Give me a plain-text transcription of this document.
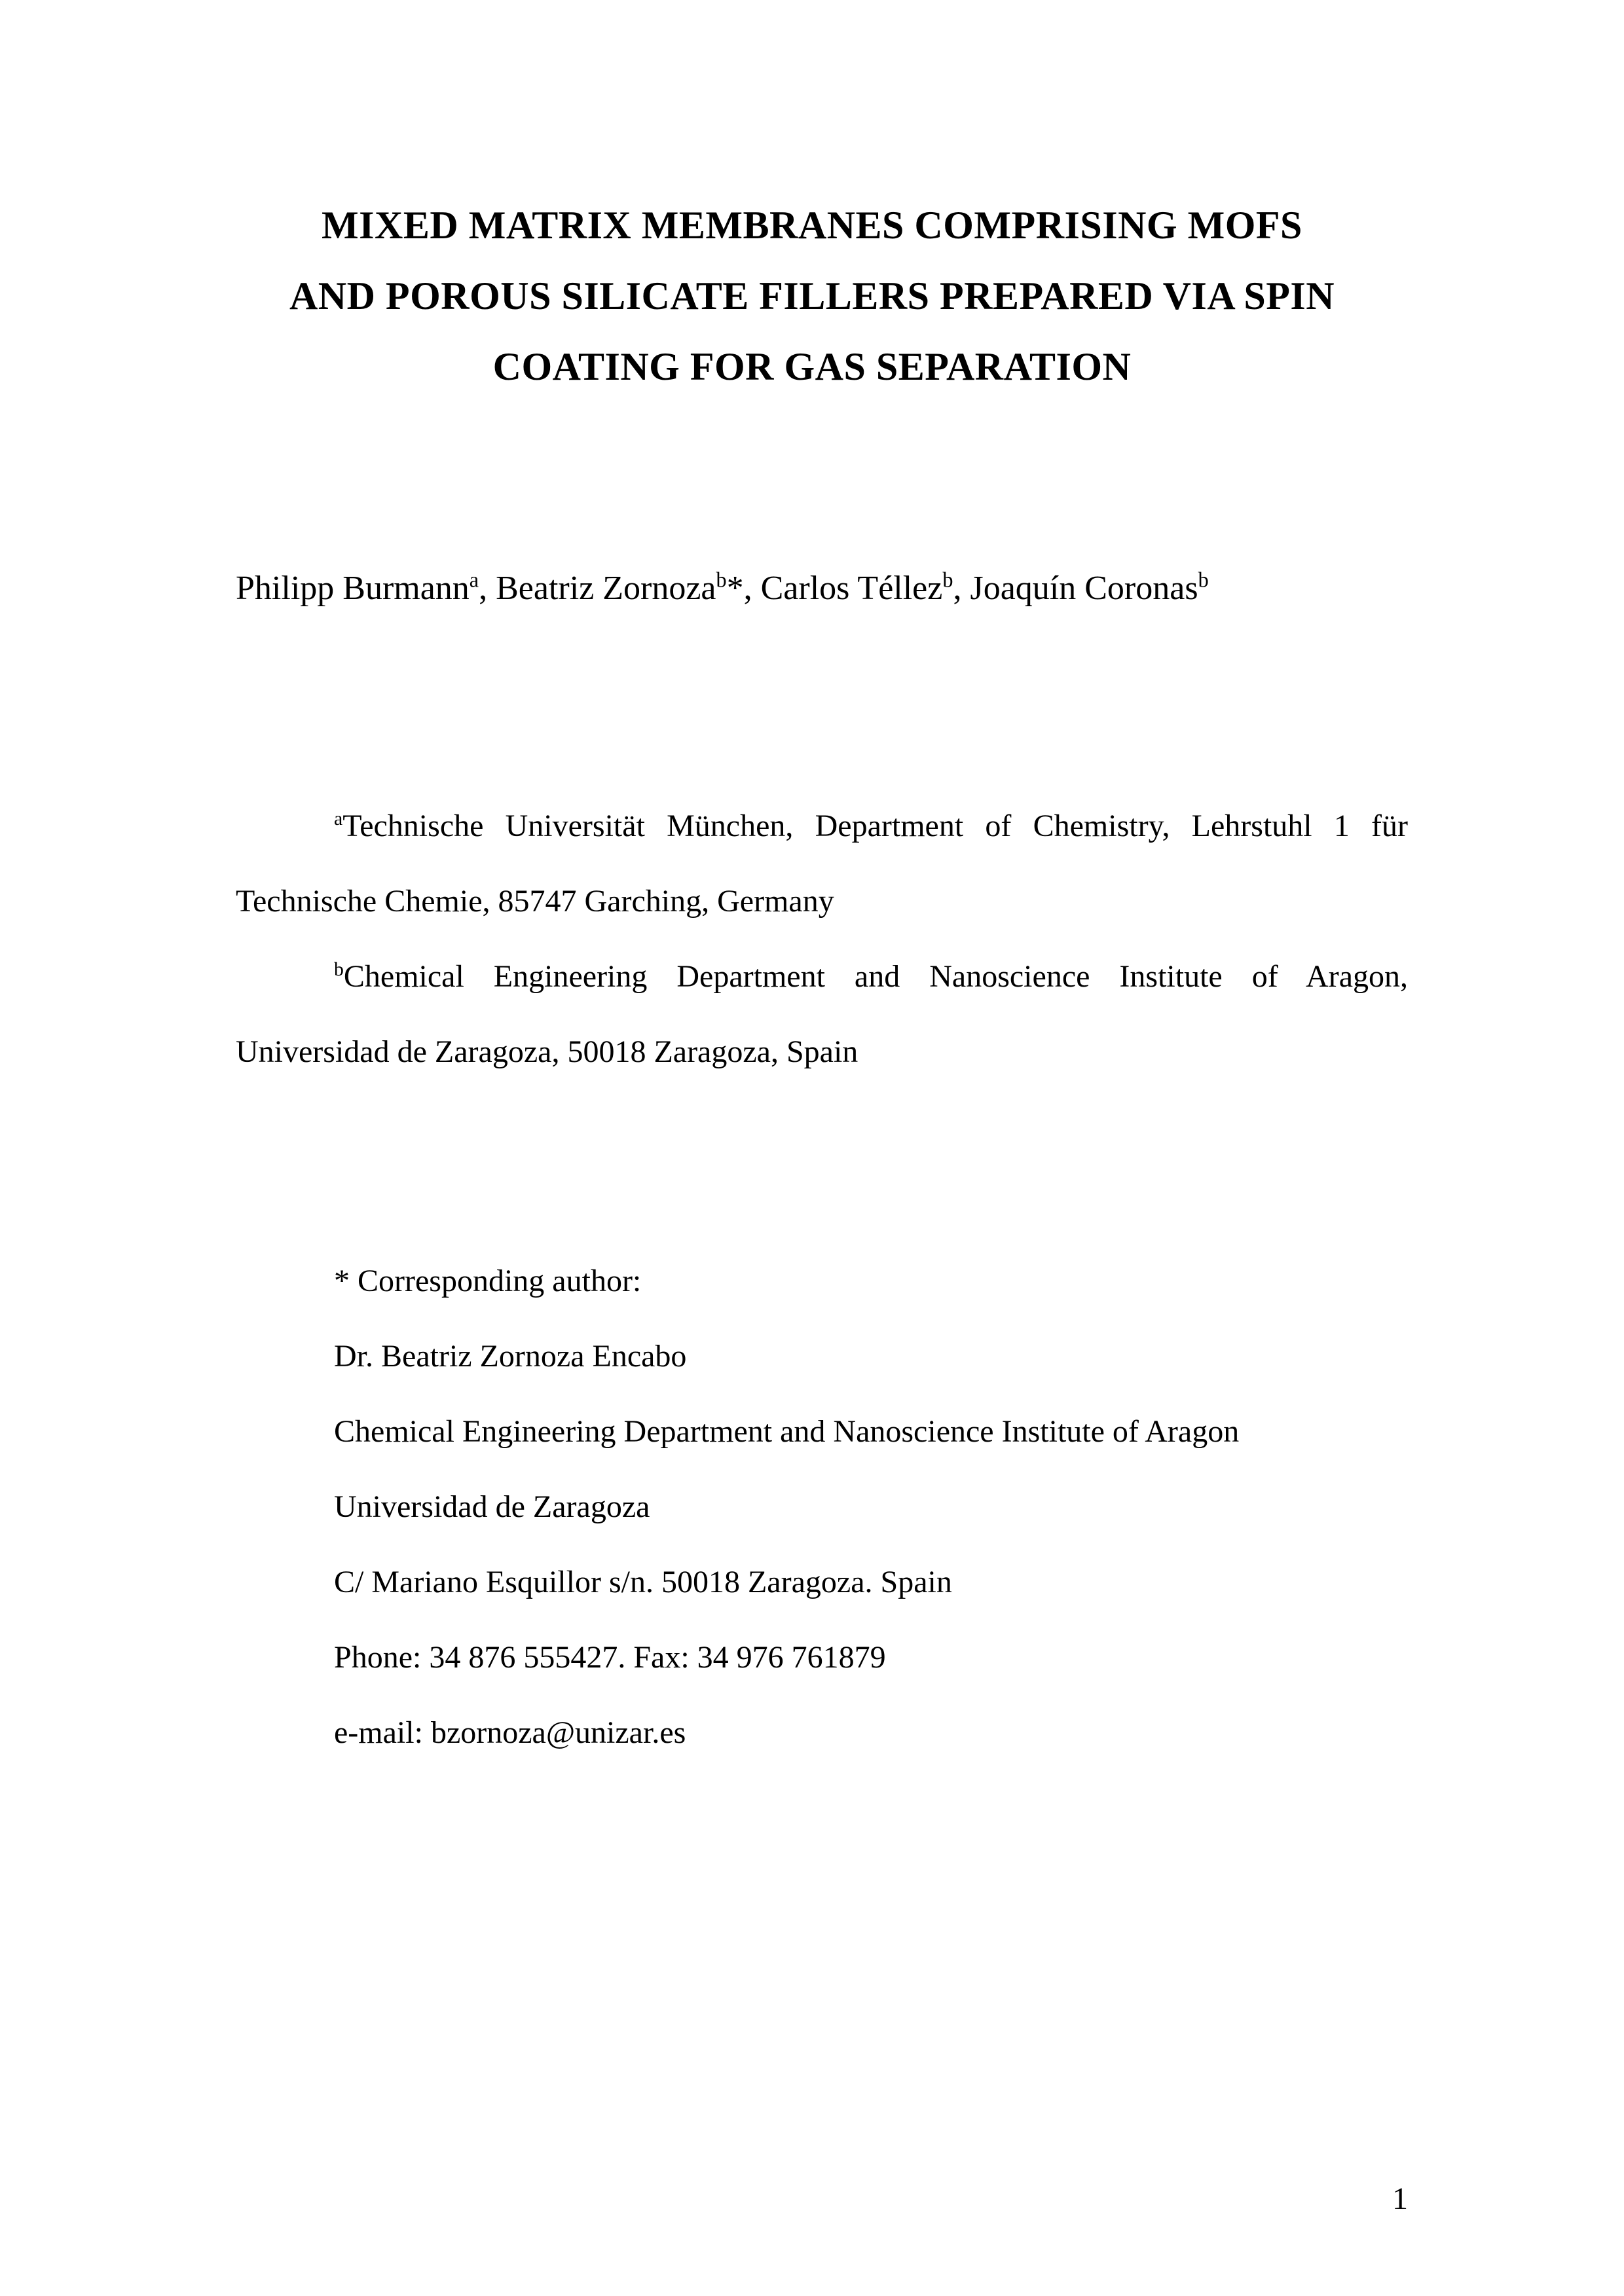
MIXED MATRIX MEMBRANES COMPRISING MOFS
AND POROUS SILICATE FILLERS PREPARED VIA SPIN
COATING FOR GAS SEPARATION
Philipp Burmann$^a$, Beatriz Zornoza$^b$*, Carlos Téllez$^b$, Joaquín Coronas$^b$

$^a$Technische Universität München, Department of Chemistry, Lehrstuhl 1 für Technische Chemie, 85747 Garching, Germany

$^b$Chemical Engineering Department and Nanoscience Institute of Aragon, Universidad de Zaragoza, 50018 Zaragoza, Spain

* Corresponding author:

Dr. Beatriz Zornoza Encabo

Chemical Engineering Department and Nanoscience Institute of Aragon

Universidad de Zaragoza

C/ Mariano Esquillor s/n. 50018 Zaragoza. Spain

Phone: 34 876 555427. Fax: 34 976 761879

e-mail: bzornoza@unizar.es

1
